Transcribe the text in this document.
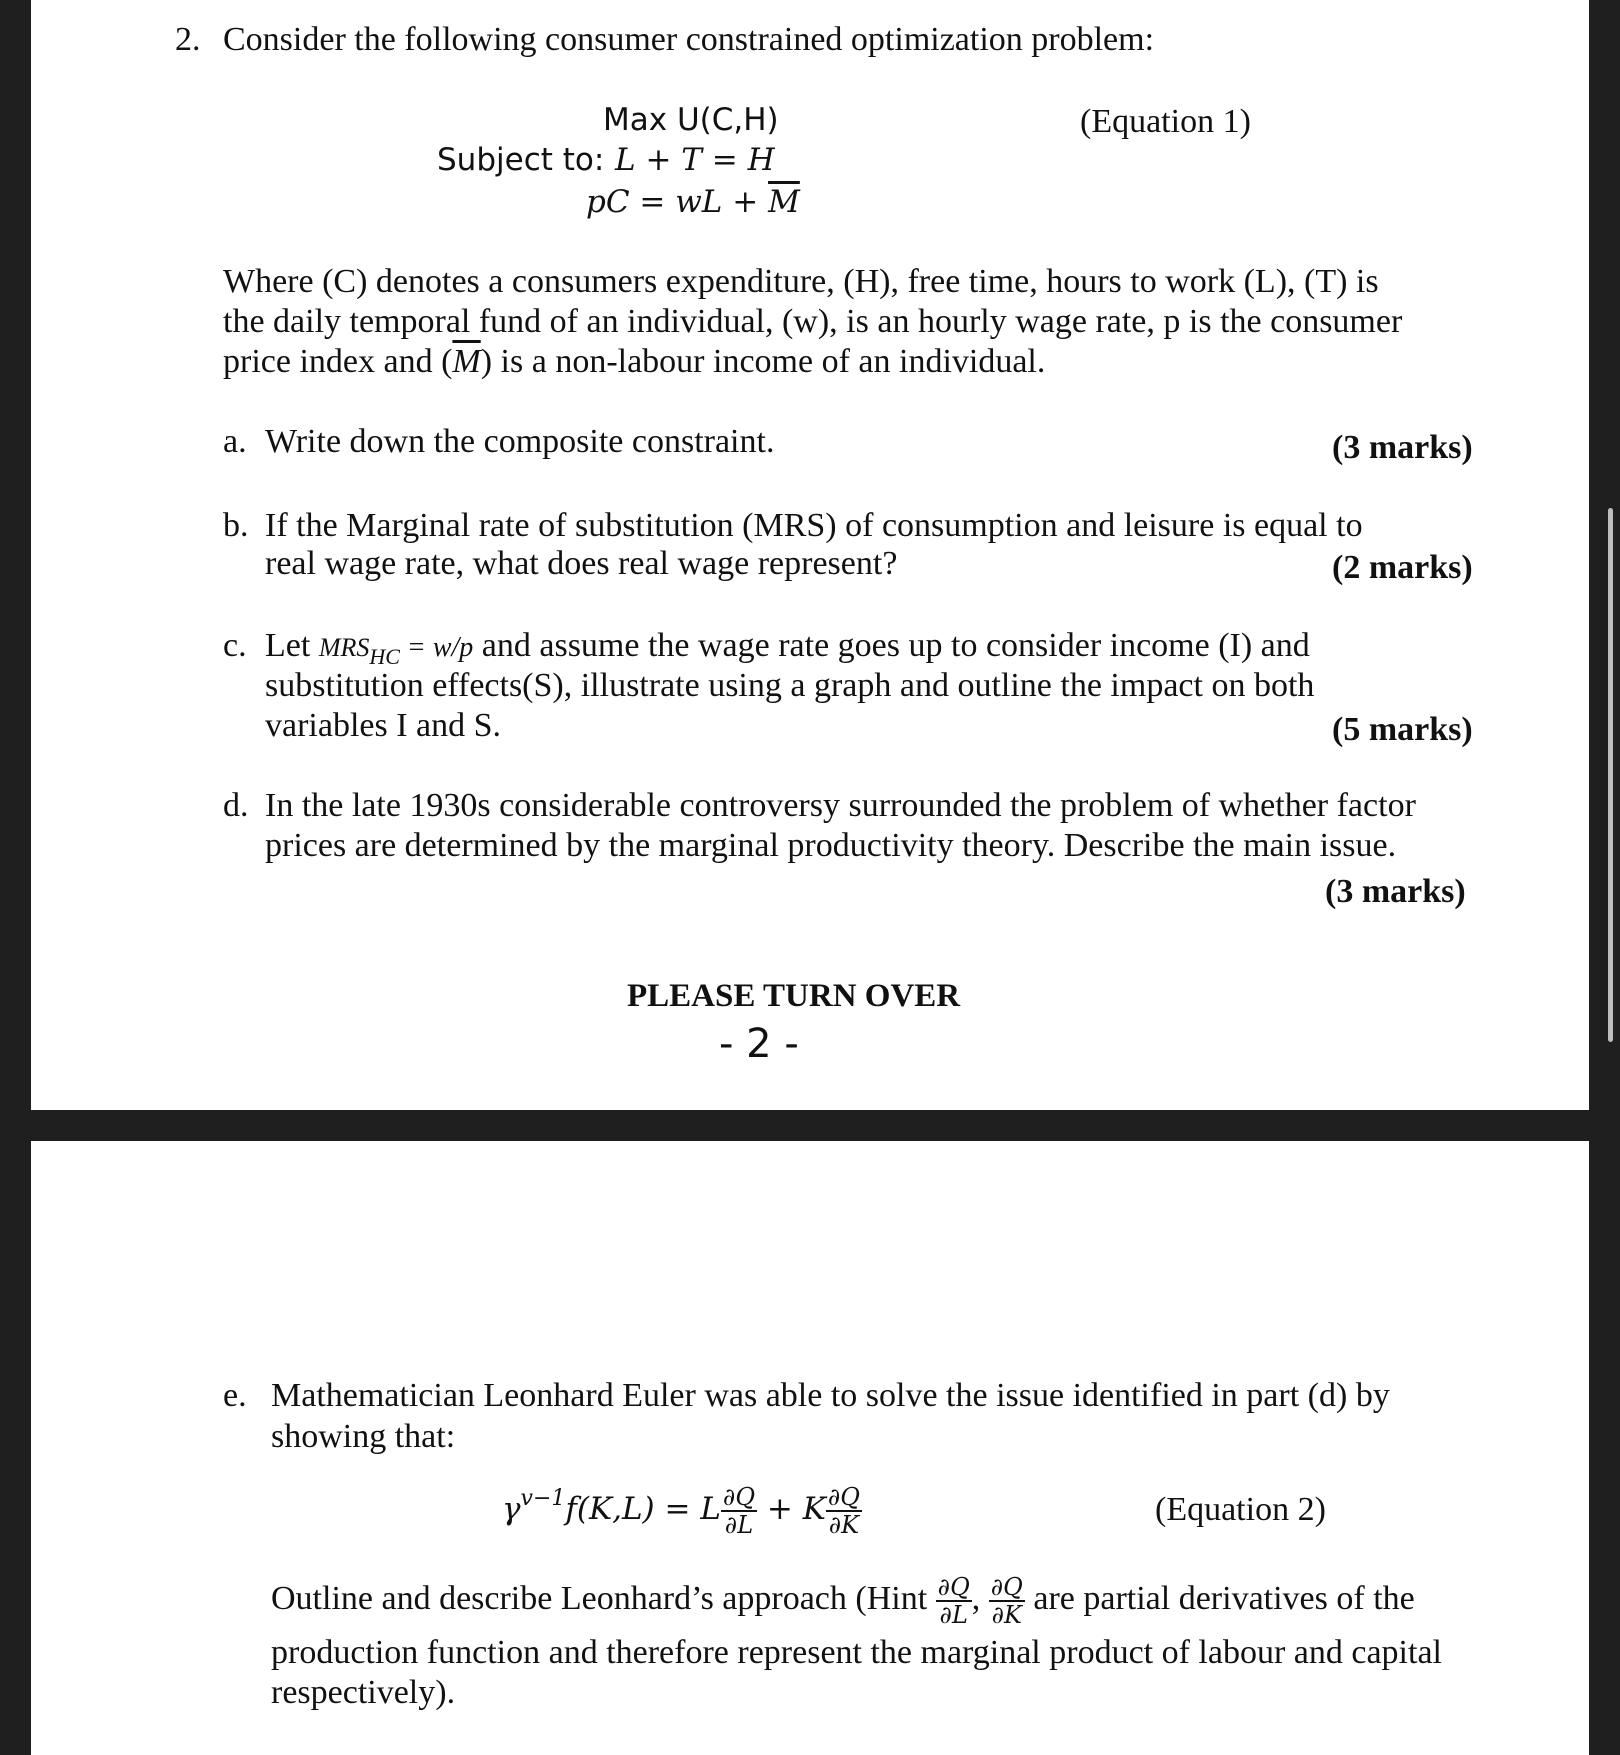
2. Consider the following consumer constrained optimization problem:
Max U(C,H)	(Equation 1)
Subject to: L + T = H
pC = wL + $\overline{M}$
Where (C) denotes a consumers expenditure, (H), free time, hours to work (L), (T) is
the daily temporal fund of an individual, (w), is an hourly wage rate, p is the consumer
price index and $(\overline{M})$ is a non-labour income of an individual.
a. Write down the composite constraint.	(3 marks)
b. If the Marginal rate of substitution (MRS) of consumption and leisure is equal to
real wage rate, what does real wage represent?	(2 marks)
c. Let $MRS_{HC} = w/p$ and assume the wage rate goes up to consider income (I) and
substitution effects(S), illustrate using a graph and outline the impact on both
variables I and S.	(5 marks)
d. In the late 1930s considerable controversy surrounded the problem of whether factor
prices are determined by the marginal productivity theory. Describe the main issue.
(3 marks)
PLEASE TURN OVER
- 2 -
e. Mathematician Leonhard Euler was able to solve the issue identified in part (d) by
showing that:
$\gamma^{v-1}f(K,L) = L \frac{\partial Q}{\partial L} + K \frac{\partial Q}{\partial K}$	(Equation 2)
Outline and describe Leonhard’s approach (Hint $\frac{\partial Q}{\partial L}$ , $\frac{\partial Q}{\partial K}$ are partial derivatives of the
production function and therefore represent the marginal product of labour and capital
respectively).
